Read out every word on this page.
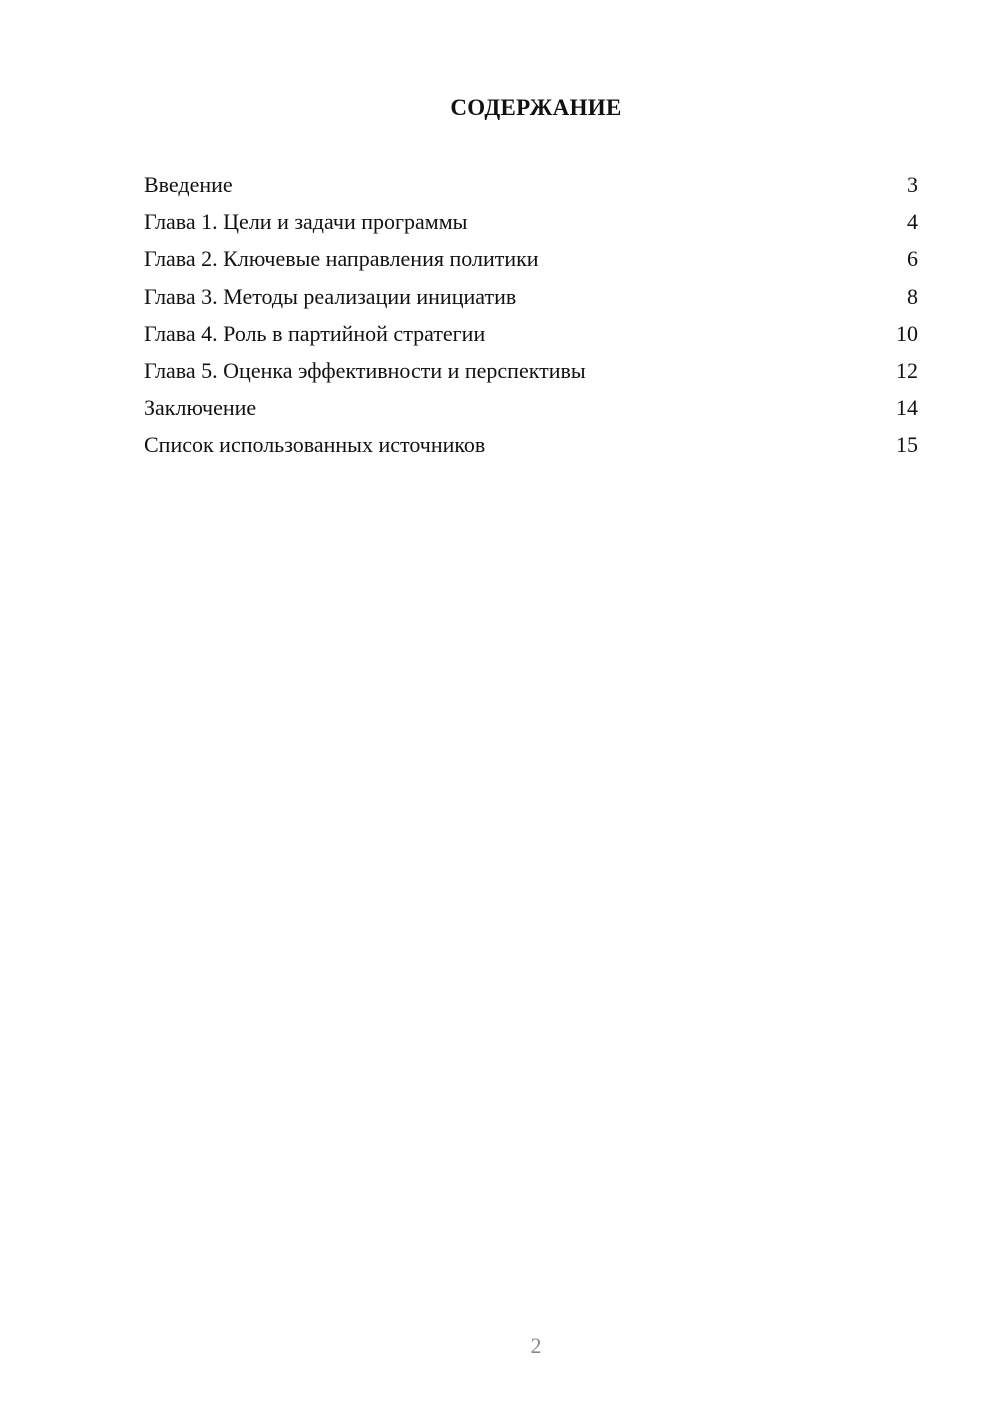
СОДЕРЖАНИЕ
Введение	3
Глава 1. Цели и задачи программы	4
Глава 2. Ключевые направления политики	6
Глава 3. Методы реализации инициатив	8
Глава 4. Роль в партийной стратегии	10
Глава 5. Оценка эффективности и перспективы	12
Заключение	14
Список использованных источников	15
2
